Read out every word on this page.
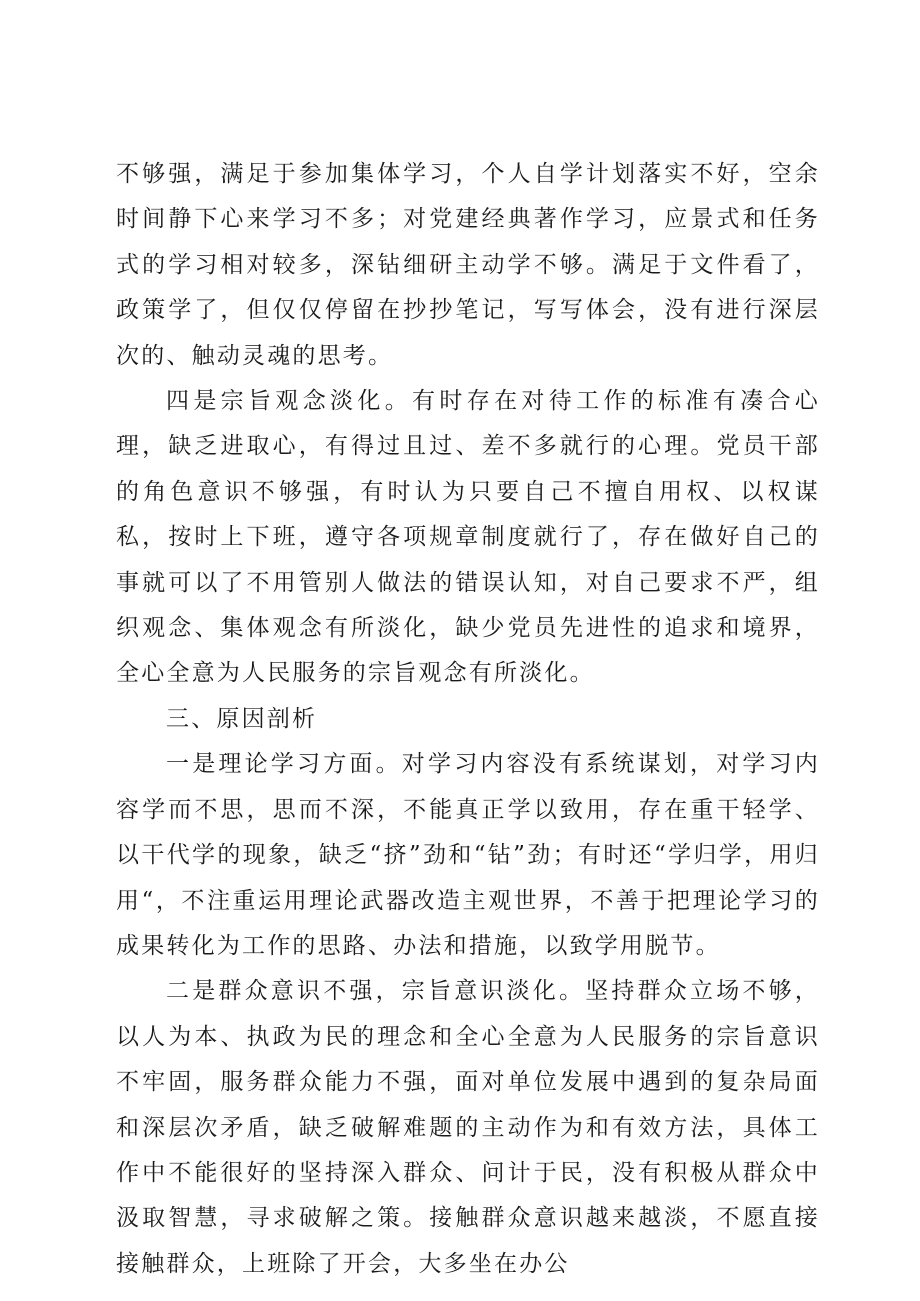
不够强，满足于参加集体学习，个人自学计划落实不好，空余时间静下心来学习不多；对党建经典著作学习，应景式和任务式的学习相对较多，深钻细研主动学不够。满足于文件看了，政策学了，但仅仅停留在抄抄笔记，写写体会，没有进行深层次的、触动灵魂的思考。

四是宗旨观念淡化。有时存在对待工作的标准有凑合心理，缺乏进取心，有得过且过、差不多就行的心理。党员干部的角色意识不够强，有时认为只要自己不擅自用权、以权谋私，按时上下班，遵守各项规章制度就行了，存在做好自己的事就可以了不用管别人做法的错误认知，对自己要求不严，组织观念、集体观念有所淡化，缺少党员先进性的追求和境界，全心全意为人民服务的宗旨观念有所淡化。

三、原因剖析

一是理论学习方面。对学习内容没有系统谋划，对学习内容学而不思，思而不深，不能真正学以致用，存在重干轻学、以干代学的现象，缺乏“挤”劲和“钻”劲；有时还“学归学，用归用“，不注重运用理论武器改造主观世界，不善于把理论学习的成果转化为工作的思路、办法和措施，以致学用脱节。

二是群众意识不强，宗旨意识淡化。坚持群众立场不够，以人为本、执政为民的理念和全心全意为人民服务的宗旨意识不牢固，服务群众能力不强，面对单位发展中遇到的复杂局面和深层次矛盾，缺乏破解难题的主动作为和有效方法，具体工作中不能很好的坚持深入群众、问计于民，没有积极从群众中汲取智慧，寻求破解之策。接触群众意识越来越淡，不愿直接接触群众，上班除了开会，大多坐在办公
